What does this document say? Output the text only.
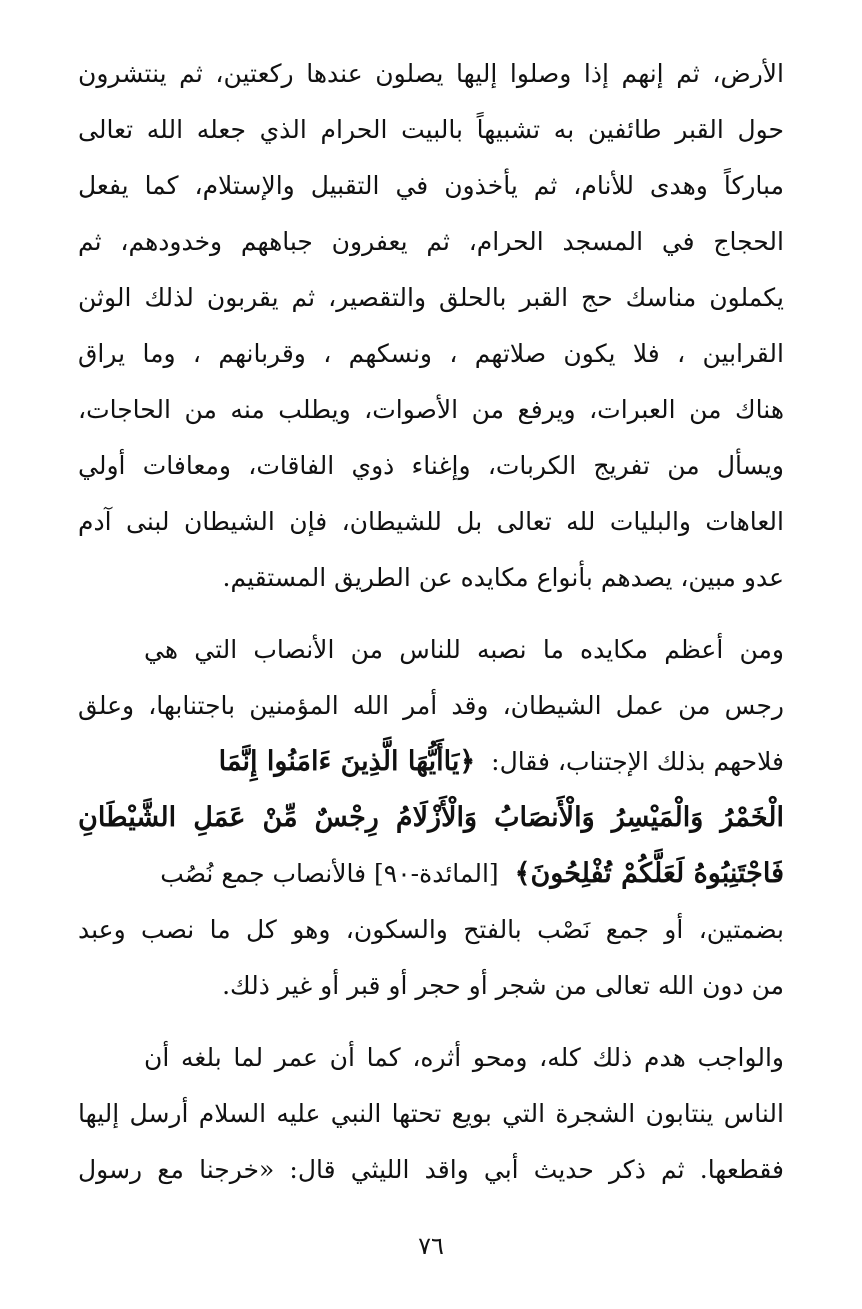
الأرض، ثم إنهم إذا وصلوا إليها يصلون عندها ركعتين، ثم ينتشرون
حول القبر طائفين به تشبيهاً بالبيت الحرام الذي جعله الله تعالى
مباركاً وهدى للأنام، ثم يأخذون في التقبيل والإستلام، كما يفعل
الحجاج في المسجد الحرام، ثم يعفرون جباههم وخدودهم، ثم
يكملون مناسك حج القبر بالحلق والتقصير، ثم يقربون لذلك الوثن
القرابين ، فلا يكون صلاتهم ، ونسكهم ، وقربانهم ، وما يراق
هناك من العبرات، ويرفع من الأصوات، ويطلب منه من الحاجات،
ويسأل من تفريج الكربات، وإغناء ذوي الفاقات، ومعافات أولي
العاهات والبليات لله تعالى بل للشيطان، فإن الشيطان لبنى آدم
عدو مبين، يصدهم بأنواع مكايده عن الطريق المستقيم.
ومن أعظم مكايده ما نصبه للناس من الأنصاب التي هي
رجس من عمل الشيطان، وقد أمر الله المؤمنين باجتنابها، وعلق
فلاحهم بذلك الإجتناب، فقال: ﴿يَاأَيُّهَا الَّذِينَ ءَامَنُوا إِنَّمَا
الْخَمْرُ وَالْمَيْسِرُ وَالْأَنصَابُ وَالْأَزْلَامُ رِجْسٌ مِّنْ عَمَلِ الشَّيْطَانِ
فَاجْتَنِبُوهُ لَعَلَّكُمْ تُفْلِحُونَ﴾ [المائدة-٩٠] فالأنصاب جمع نُصُب
بضمتين، أو جمع نَصْب بالفتح والسكون، وهو كل ما نصب وعبد
من دون الله تعالى من شجر أو حجر أو قبر أو غير ذلك.
والواجب هدم ذلك كله، ومحو أثره، كما أن عمر لما بلغه أن
الناس ينتابون الشجرة التي بويع تحتها النبي عليه السلام أرسل إليها
فقطعها. ثم ذكر حديث أبي واقد الليثي قال: «خرجنا مع رسول
٧٦
